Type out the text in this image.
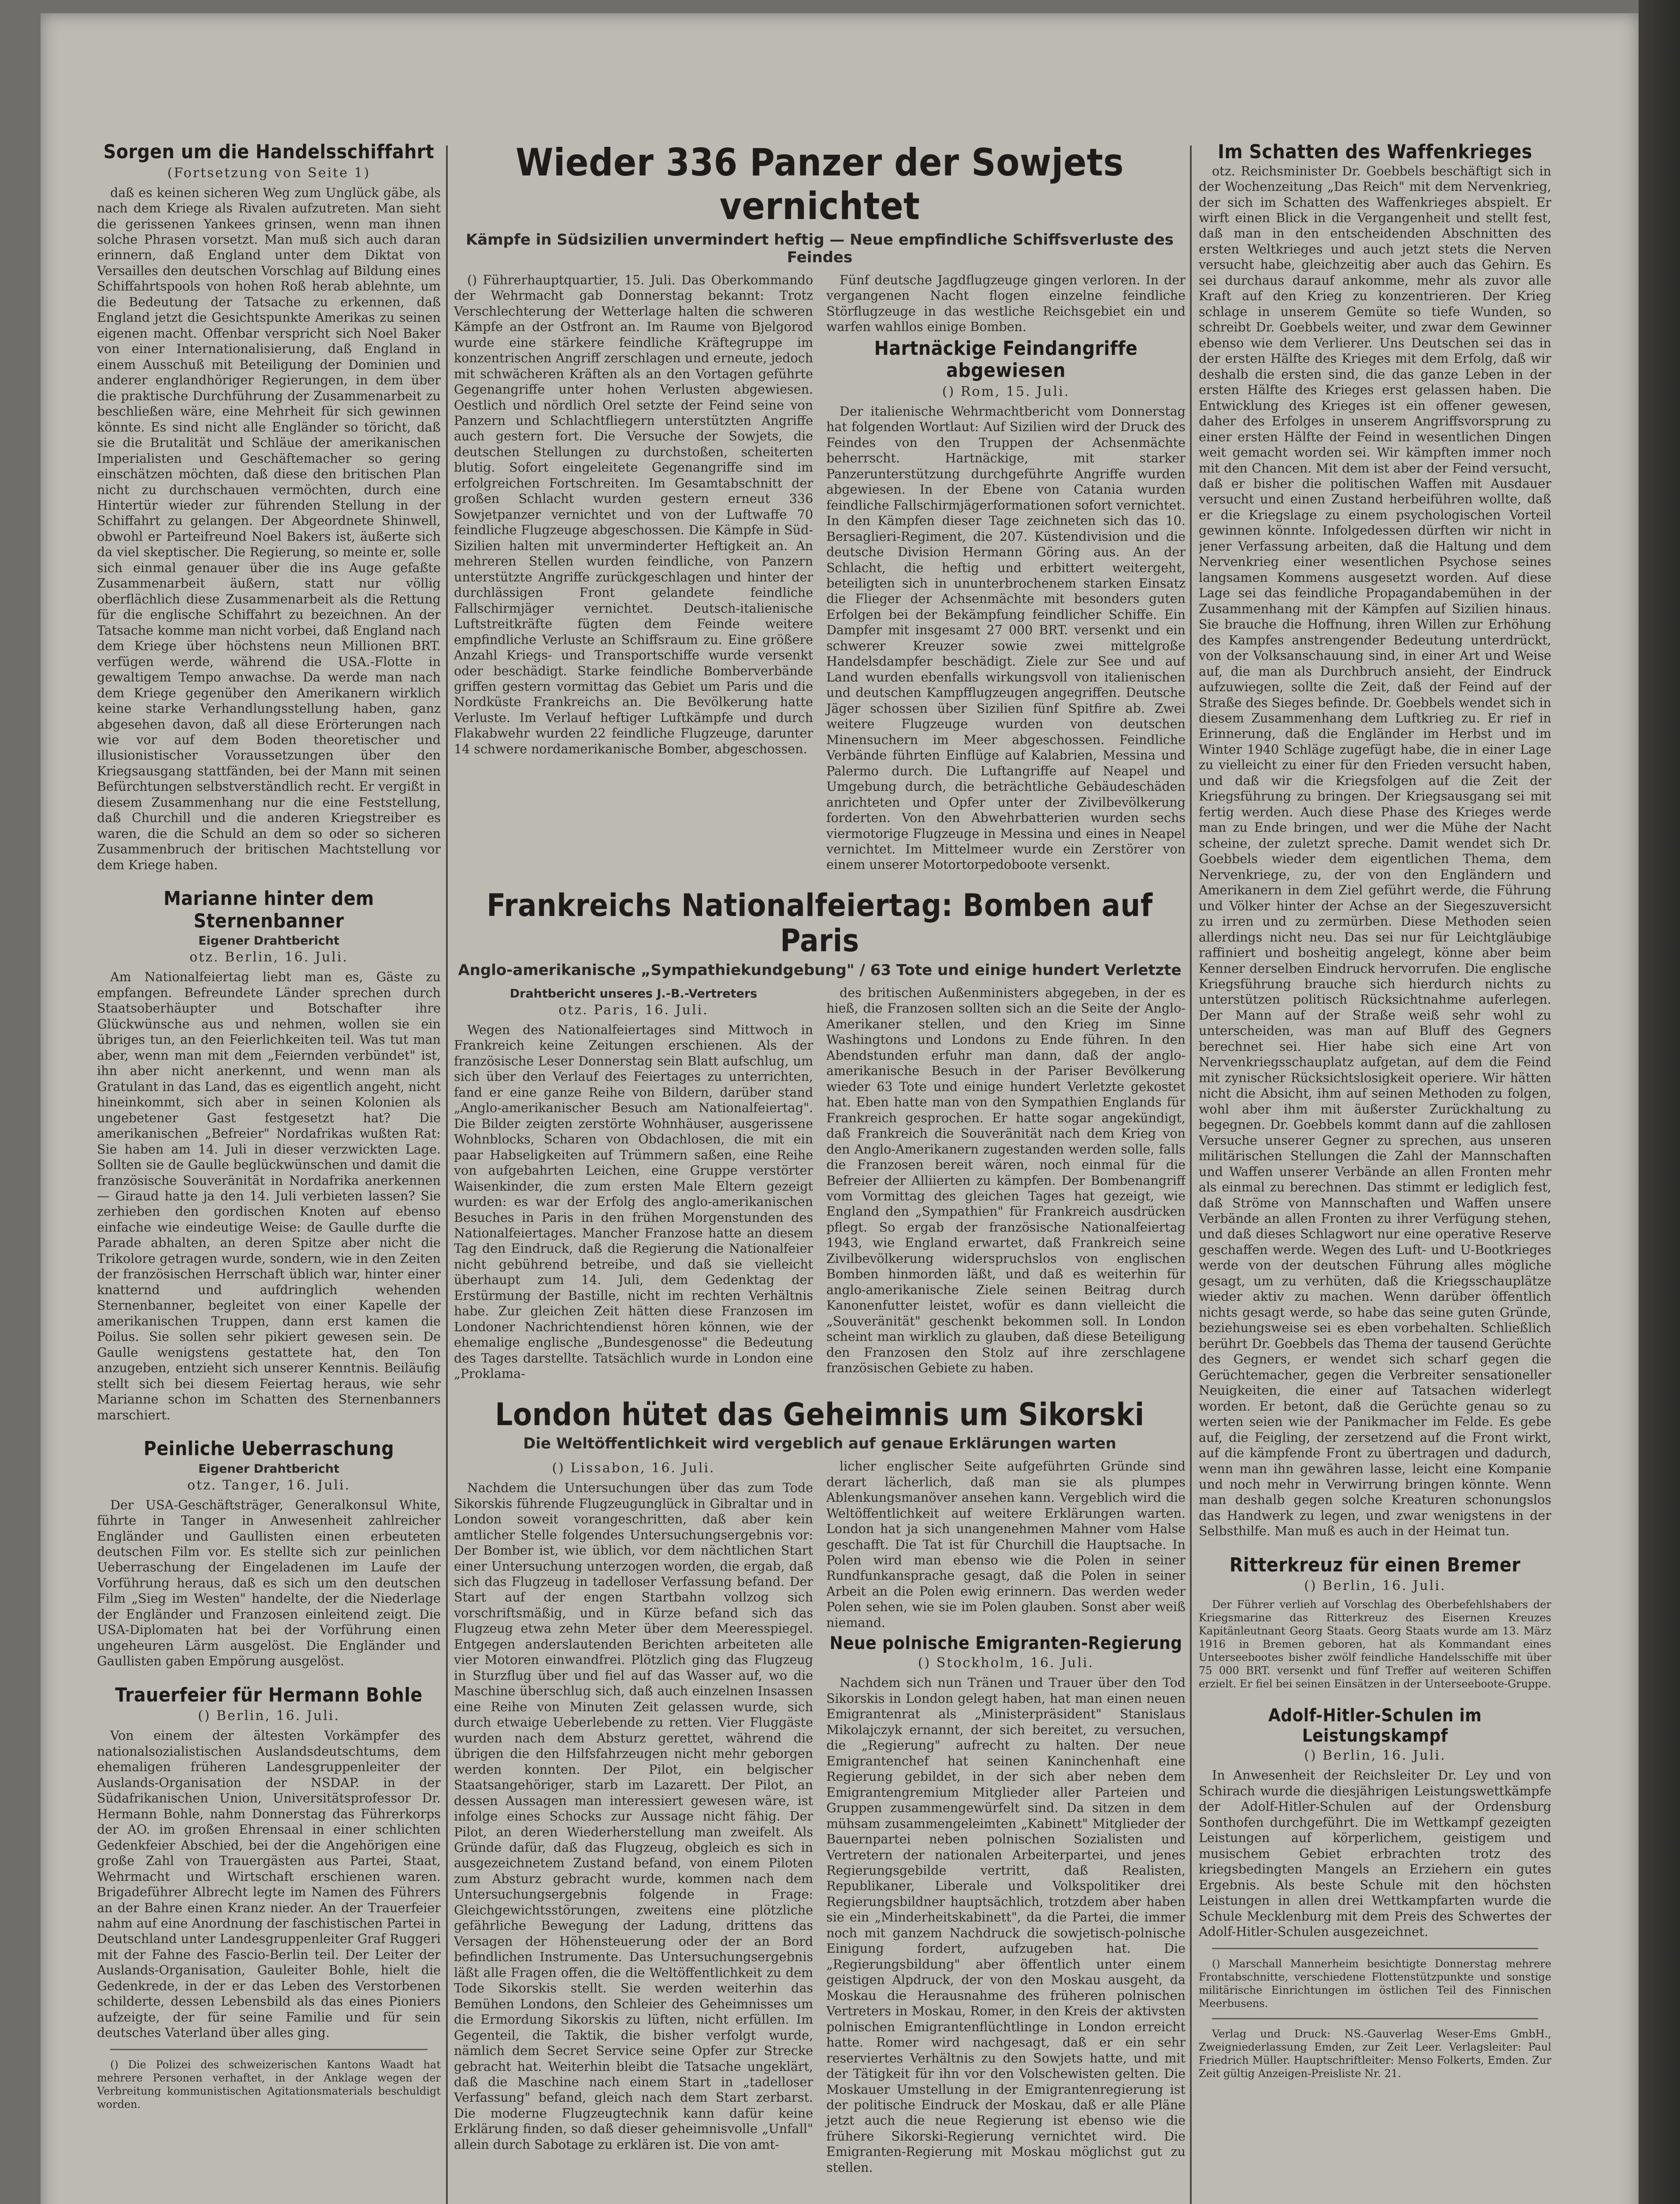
Sorgen um die Handelsschiffahrt
(Fortsetzung von Seite 1)

daß es keinen sicheren Weg zum Unglück gäbe, als nach dem Kriege als Rivalen aufzutreten. Man sieht die gerissenen Yankees grinsen, wenn man ihnen solche Phrasen vorsetzt. Man muß sich auch daran erinnern, daß England unter dem Diktat von Versailles den deutschen Vorschlag auf Bildung eines Schiffahrtspools von hohen Roß herab ablehnte, um die Bedeutung der Tatsache zu erkennen, daß England jetzt die Gesichtspunkte Amerikas zu seinen eigenen macht. Offenbar verspricht sich Noel Baker von einer Internationalisierung, daß England in einem Ausschuß mit Beteiligung der Dominien und anderer englandhöriger Regierungen, in dem über die praktische Durchführung der Zusammenarbeit zu beschließen wäre, eine Mehrheit für sich gewinnen könnte. Es sind nicht alle Engländer so töricht, daß sie die Brutalität und Schläue der amerikanischen Imperialisten und Geschäftemacher so gering einschätzen möchten, daß diese den britischen Plan nicht zu durchschauen vermöchten, durch eine Hintertür wieder zur führenden Stellung in der Schiffahrt zu gelangen. Der Abgeordnete Shinwell, obwohl er Parteifreund Noel Bakers ist, äußerte sich da viel skeptischer. Die Regierung, so meinte er, solle sich einmal genauer über die ins Auge gefaßte Zusammenarbeit äußern, statt nur völlig oberflächlich diese Zusammenarbeit als die Rettung für die englische Schiffahrt zu bezeichnen. An der Tatsache komme man nicht vorbei, daß England nach dem Kriege über höchstens neun Millionen BRT. verfügen werde, während die USA.-Flotte in gewaltigem Tempo anwachse. Da werde man nach dem Kriege gegenüber den Amerikanern wirklich keine starke Verhandlungsstellung haben, ganz abgesehen davon, daß all diese Erörterungen nach wie vor auf dem Boden theoretischer und illusionistischer Voraussetzungen über den Kriegsausgang stattfänden, bei der Mann mit seinen Befürchtungen selbstverständlich recht. Er vergißt in diesem Zusammenhang nur die eine Feststellung, daß Churchill und die anderen Kriegstreiber es waren, die die Schuld an dem so oder so sicheren Zusammenbruch der britischen Machtstellung vor dem Kriege haben.

Marianne hinter dem Sternenbanner
Eigener Drahtbericht
otz. Berlin, 16. Juli.

Am Nationalfeiertag liebt man es, Gäste zu empfangen. Befreundete Länder sprechen durch Staatsoberhäupter und Botschafter ihre Glückwünsche aus und nehmen, wollen sie ein übriges tun, an den Feierlichkeiten teil. Was tut man aber, wenn man mit dem „Feiernden verbündet" ist, ihn aber nicht anerkennt, und wenn man als Gratulant in das Land, das es eigentlich angeht, nicht hineinkommt, sich aber in seinen Kolonien als ungebetener Gast festgesetzt hat? Die amerikanischen „Befreier" Nordafrikas wußten Rat: Sie haben am 14. Juli in dieser verzwickten Lage. Sollten sie de Gaulle beglückwünschen und damit die französische Souveränität in Nordafrika anerkennen — Giraud hatte ja den 14. Juli verbieten lassen? Sie zerhieben den gordischen Knoten auf ebenso einfache wie eindeutige Weise: de Gaulle durfte die Parade abhalten, an deren Spitze aber nicht die Trikolore getragen wurde, sondern, wie in den Zeiten der französischen Herrschaft üblich war, hinter einer knatternd und aufdringlich wehenden Sternenbanner, begleitet von einer Kapelle der amerikanischen Truppen, dann erst kamen die Poilus. Sie sollen sehr pikiert gewesen sein. De Gaulle wenigstens gestattete hat, den Ton anzugeben, entzieht sich unserer Kenntnis. Beiläufig stellt sich bei diesem Feiertag heraus, wie sehr Marianne schon im Schatten des Sternenbanners marschiert.

Peinliche Ueberraschung
Eigener Drahtbericht
otz. Tanger, 16. Juli.

Der USA-Geschäftsträger, Generalkonsul White, führte in Tanger in Anwesenheit zahlreicher Engländer und Gaullisten einen erbeuteten deutschen Film vor. Es stellte sich zur peinlichen Ueberraschung der Eingeladenen im Laufe der Vorführung heraus, daß es sich um den deutschen Film „Sieg im Westen" handelte, der die Niederlage der Engländer und Franzosen einleitend zeigt. Die USA-Diplomaten hat bei der Vorführung einen ungeheuren Lärm ausgelöst. Die Engländer und Gaullisten gaben Empörung ausgelöst.

Trauerfeier für Hermann Bohle
() Berlin, 16. Juli.

Von einem der ältesten Vorkämpfer des nationalsozialistischen Auslandsdeutschtums, dem ehemaligen früheren Landesgruppenleiter der Auslands-Organisation der NSDAP. in der Südafrikanischen Union, Universitätsprofessor Dr. Hermann Bohle, nahm Donnerstag das Führerkorps der AO. im großen Ehrensaal in einer schlichten Gedenkfeier Abschied, bei der die Angehörigen eine große Zahl von Trauergästen aus Partei, Staat, Wehrmacht und Wirtschaft erschienen waren. Brigadeführer Albrecht legte im Namen des Führers an der Bahre einen Kranz nieder. An der Trauerfeier nahm auf eine Anordnung der faschistischen Partei in Deutschland unter Landesgruppenleiter Graf Ruggeri mit der Fahne des Fascio-Berlin teil. Der Leiter der Auslands-Organisation, Gauleiter Bohle, hielt die Gedenkrede, in der er das Leben des Verstorbenen schilderte, dessen Lebensbild als das eines Pioniers aufzeigte, der für seine Familie und für sein deutsches Vaterland über alles ging.

() Die Polizei des schweizerischen Kantons Waadt hat mehrere Personen verhaftet, in der Anklage wegen der Verbreitung kommunistischen Agitationsmaterials beschuldigt worden.

Wieder 336 Panzer der Sowjets vernichtet
Kämpfe in Südsizilien unvermindert heftig — Neue empfindliche Schiffsverluste des Feindes

() Führerhauptquartier, 15. Juli. Das Oberkommando der Wehrmacht gab Donnerstag bekannt: Trotz Verschlechterung der Wetterlage halten die schweren Kämpfe an der Ostfront an. Im Raume von Bjelgorod wurde eine stärkere feindliche Kräftegruppe im konzentrischen Angriff zerschlagen und erneute, jedoch mit schwächeren Kräften als an den Vortagen geführte Gegenangriffe unter hohen Verlusten abgewiesen. Oestlich und nördlich Orel setzte der Feind seine von Panzern und Schlachtfliegern unterstützten Angriffe auch gestern fort. Die Versuche der Sowjets, die deutschen Stellungen zu durchstoßen, scheiterten blutig. Sofort eingeleitete Gegenangriffe sind im erfolgreichen Fortschreiten. Im Gesamtabschnitt der großen Schlacht wurden gestern erneut 336 Sowjetpanzer vernichtet und von der Luftwaffe 70 feindliche Flugzeuge abgeschossen. Die Kämpfe in Süd-Sizilien halten mit unverminderter Heftigkeit an. An mehreren Stellen wurden feindliche, von Panzern unterstützte Angriffe zurückgeschlagen und hinter der durchlässigen Front gelandete feindliche Fallschirmjäger vernichtet. Deutsch-italienische Luftstreitkräfte fügten dem Feinde weitere empfindliche Verluste an Schiffsraum zu. Eine größere Anzahl Kriegs- und Transportschiffe wurde versenkt oder beschädigt. Starke feindliche Bomberverbände griffen gestern vormittag das Gebiet um Paris und die Nordküste Frankreichs an. Die Bevölkerung hatte Verluste. Im Verlauf heftiger Luftkämpfe und durch Flakabwehr wurden 22 feindliche Flugzeuge, darunter 14 schwere nordamerikanische Bomber, abgeschossen.

Fünf deutsche Jagdflugzeuge gingen verloren. In der vergangenen Nacht flogen einzelne feindliche Störflugzeuge in das westliche Reichsgebiet ein und warfen wahllos einige Bomben.

Hartnäckige Feindangriffe abgewiesen
() Rom, 15. Juli.

Der italienische Wehrmachtbericht vom Donnerstag hat folgenden Wortlaut: Auf Sizilien wird der Druck des Feindes von den Truppen der Achsenmächte beherrscht. Hartnäckige, mit starker Panzerunterstützung durchgeführte Angriffe wurden abgewiesen. In der Ebene von Catania wurden feindliche Fallschirmjägerformationen sofort vernichtet. In den Kämpfen dieser Tage zeichneten sich das 10. Bersaglieri-Regiment, die 207. Küstendivision und die deutsche Division Hermann Göring aus. An der Schlacht, die heftig und erbittert weitergeht, beteiligten sich in ununterbrochenem starken Einsatz die Flieger der Achsenmächte mit besonders guten Erfolgen bei der Bekämpfung feindlicher Schiffe. Ein Dampfer mit insgesamt 27 000 BRT. versenkt und ein schwerer Kreuzer sowie zwei mittelgroße Handelsdampfer beschädigt. Ziele zur See und auf Land wurden ebenfalls wirkungsvoll von italienischen und deutschen Kampfflugzeugen angegriffen. Deutsche Jäger schossen über Sizilien fünf Spitfire ab. Zwei weitere Flugzeuge wurden von deutschen Minensuchern im Meer abgeschossen. Feindliche Verbände führten Einflüge auf Kalabrien, Messina und Palermo durch. Die Luftangriffe auf Neapel und Umgebung durch, die beträchtliche Gebäudeschäden anrichteten und Opfer unter der Zivilbevölkerung forderten. Von den Abwehrbatterien wurden sechs viermotorige Flugzeuge in Messina und eines in Neapel vernichtet. Im Mittelmeer wurde ein Zerstörer von einem unserer Motortorpedoboote versenkt.

Frankreichs Nationalfeiertag: Bomben auf Paris
Anglo-amerikanische „Sympathiekundgebung" / 63 Tote und einige hundert Verletzte
Drahtbericht unseres J.-B.-Vertreters
otz. Paris, 16. Juli.

Wegen des Nationalfeiertages sind Mittwoch in Frankreich keine Zeitungen erschienen. Als der französische Leser Donnerstag sein Blatt aufschlug, um sich über den Verlauf des Feiertages zu unterrichten, fand er eine ganze Reihe von Bildern, darüber stand „Anglo-amerikanischer Besuch am Nationalfeiertag". Die Bilder zeigten zerstörte Wohnhäuser, ausgerissene Wohnblocks, Scharen von Obdachlosen, die mit ein paar Habseligkeiten auf Trümmern saßen, eine Reihe von aufgebahrten Leichen, eine Gruppe verstörter Waisenkinder, die zum ersten Male Eltern gezeigt wurden: es war der Erfolg des anglo-amerikanischen Besuches in Paris in den frühen Morgenstunden des Nationalfeiertages. Mancher Franzose hatte an diesem Tag den Eindruck, daß die Regierung die Nationalfeier nicht gebührend betreibe, und daß sie vielleicht überhaupt zum 14. Juli, dem Gedenktag der Erstürmung der Bastille, nicht im rechten Verhältnis habe. Zur gleichen Zeit hätten diese Franzosen im Londoner Nachrichtendienst hören können, wie der ehemalige englische „Bundesgenosse" die Bedeutung des Tages darstellte. Tatsächlich wurde in London eine „Proklama-

des britischen Außenministers abgegeben, in der es hieß, die Franzosen sollten sich an die Seite der Anglo-Amerikaner stellen, und den Krieg im Sinne Washingtons und Londons zu Ende führen. In den Abendstunden erfuhr man dann, daß der anglo-amerikanische Besuch in der Pariser Bevölkerung wieder 63 Tote und einige hundert Verletzte gekostet hat. Eben hatte man von den Sympathien Englands für Frankreich gesprochen. Er hatte sogar angekündigt, daß Frankreich die Souveränität nach dem Krieg von den Anglo-Amerikanern zugestanden werden solle, falls die Franzosen bereit wären, noch einmal für die Befreier der Alliierten zu kämpfen. Der Bombenangriff vom Vormittag des gleichen Tages hat gezeigt, wie England den „Sympathien" für Frankreich ausdrücken pflegt. So ergab der französische Nationalfeiertag 1943, wie England erwartet, daß Frankreich seine Zivilbevölkerung widerspruchslos von englischen Bomben hinmorden läßt, und daß es weiterhin für anglo-amerikanische Ziele seinen Beitrag durch Kanonenfutter leistet, wofür es dann vielleicht die „Souveränität" geschenkt bekommen soll. In London scheint man wirklich zu glauben, daß diese Beteiligung den Franzosen den Stolz auf ihre zerschlagene französischen Gebiete zu haben.

London hütet das Geheimnis um Sikorski
Die Weltöffentlichkeit wird vergeblich auf genaue Erklärungen warten
() Lissabon, 16. Juli.

Nachdem die Untersuchungen über das zum Tode Sikorskis führende Flugzeugunglück in Gibraltar und in London soweit vorangeschritten, daß aber kein amtlicher Stelle folgendes Untersuchungsergebnis vor: Der Bomber ist, wie üblich, vor dem nächtlichen Start einer Untersuchung unterzogen worden, die ergab, daß sich das Flugzeug in tadelloser Verfassung befand. Der Start auf der engen Startbahn vollzog sich vorschriftsmäßig, und in Kürze befand sich das Flugzeug etwa zehn Meter über dem Meeresspiegel. Entgegen anderslautenden Berichten arbeiteten alle vier Motoren einwandfrei. Plötzlich ging das Flugzeug in Sturzflug über und fiel auf das Wasser auf, wo die Maschine überschlug sich, daß auch einzelnen Insassen eine Reihe von Minuten Zeit gelassen wurde, sich durch etwaige Ueberlebende zu retten. Vier Fluggäste wurden nach dem Absturz gerettet, während die übrigen die den Hilfsfahrzeugen nicht mehr geborgen werden konnten. Der Pilot, ein belgischer Staatsangehöriger, starb im Lazarett. Der Pilot, an dessen Aussagen man interessiert gewesen wäre, ist infolge eines Schocks zur Aussage nicht fähig. Der Pilot, an deren Wiederherstellung man zweifelt. Als Gründe dafür, daß das Flugzeug, obgleich es sich in ausgezeichnetem Zustand befand, von einem Piloten zum Absturz gebracht wurde, kommen nach dem Untersuchungsergebnis folgende in Frage: Gleichgewichtsstörungen, zweitens eine plötzliche gefährliche Bewegung der Ladung, drittens das Versagen der Höhensteuerung oder der an Bord befindlichen Instrumente. Das Untersuchungsergebnis läßt alle Fragen offen, die die Weltöffentlichkeit zu dem Tode Sikorskis stellt. Sie werden weiterhin das Bemühen Londons, den Schleier des Geheimnisses um die Ermordung Sikorskis zu lüften, nicht erfüllen. Im Gegenteil, die Taktik, die bisher verfolgt wurde, nämlich dem Secret Service seine Opfer zur Strecke gebracht hat. Weiterhin bleibt die Tatsache ungeklärt, daß die Maschine nach einem Start in „tadelloser Verfassung" befand, gleich nach dem Start zerbarst. Die moderne Flugzeugtechnik kann dafür keine Erklärung finden, so daß dieser geheimnisvolle „Unfall" allein durch Sabotage zu erklären ist. Die von amt-

licher englischer Seite aufgeführten Gründe sind derart lächerlich, daß man sie als plumpes Ablenkungsmanöver ansehen kann. Vergeblich wird die Weltöffentlichkeit auf weitere Erklärungen warten. London hat ja sich unangenehmen Mahner vom Halse geschafft. Die Tat ist für Churchill die Hauptsache. In Polen wird man ebenso wie die Polen in seiner Rundfunkansprache gesagt, daß die Polen in seiner Arbeit an die Polen ewig erinnern. Das werden weder Polen sehen, wie sie im Polen glauben. Sonst aber weiß niemand.

Neue polnische Emigranten-Regierung
() Stockholm, 16. Juli.

Nachdem sich nun Tränen und Trauer über den Tod Sikorskis in London gelegt haben, hat man einen neuen Emigrantenrat als „Ministerpräsident" Stanislaus Mikolajczyk ernannt, der sich bereitet, zu versuchen, die „Regierung" aufrecht zu halten. Der neue Emigrantenchef hat seinen Kaninchenhaft eine Regierung gebildet, in der sich aber neben dem Emigrantengremium Mitglieder aller Parteien und Gruppen zusammengewürfelt sind. Da sitzen in dem mühsam zusammengeleimten „Kabinett" Mitglieder der Bauernpartei neben polnischen Sozialisten und Vertretern der nationalen Arbeiterpartei, und jenes Regierungsgebilde vertritt, daß Realisten, Republikaner, Liberale und Volkspolitiker drei Regierungsbildner hauptsächlich, trotzdem aber haben sie ein „Minderheitskabinett", da die Partei, die immer noch mit ganzem Nachdruck die sowjetisch-polnische Einigung fordert, aufzugeben hat. Die „Regierungsbildung" aber öffentlich unter einem geistigen Alpdruck, der von den Moskau ausgeht, da Moskau die Herausnahme des früheren polnischen Vertreters in Moskau, Romer, in den Kreis der aktivsten polnischen Emigrantenflüchtlinge in London erreicht hatte. Romer wird nachgesagt, daß er ein sehr reserviertes Verhältnis zu den Sowjets hatte, und mit der Tätigkeit für ihn vor den Volschewisten gelten. Die Moskauer Umstellung in der Emigrantenregierung ist der politische Eindruck der Moskau, daß er alle Pläne jetzt auch die neue Regierung ist ebenso wie die frühere Sikorski-Regierung vernichtet wird. Die Emigranten-Regierung mit Moskau möglichst gut zu stellen.

Im Schatten des Waffenkrieges

otz. Reichsminister Dr. Goebbels beschäftigt sich in der Wochenzeitung „Das Reich" mit dem Nervenkrieg, der sich im Schatten des Waffenkrieges abspielt. Er wirft einen Blick in die Vergangenheit und stellt fest, daß man in den entscheidenden Abschnitten des ersten Weltkrieges und auch jetzt stets die Nerven versucht habe, gleichzeitig aber auch das Gehirn. Es sei durchaus darauf ankomme, mehr als zuvor alle Kraft auf den Krieg zu konzentrieren. Der Krieg schlage in unserem Gemüte so tiefe Wunden, so schreibt Dr. Goebbels weiter, und zwar dem Gewinner ebenso wie dem Verlierer. Uns Deutschen sei das in der ersten Hälfte des Krieges mit dem Erfolg, daß wir deshalb die ersten sind, die das ganze Leben in der ersten Hälfte des Krieges erst gelassen haben. Die Entwicklung des Krieges ist ein offener gewesen, daher des Erfolges in unserem Angriffsvorsprung zu einer ersten Hälfte der Feind in wesentlichen Dingen weit gemacht worden sei. Wir kämpften immer noch mit den Chancen. Mit dem ist aber der Feind versucht, daß er bisher die politischen Waffen mit Ausdauer versucht und einen Zustand herbeiführen wollte, daß er die Kriegslage zu einem psychologischen Vorteil gewinnen könnte. Infolgedessen dürften wir nicht in jener Verfassung arbeiten, daß die Haltung und dem Nervenkrieg einer wesentlichen Psychose seines langsamen Kommens ausgesetzt worden. Auf diese Lage sei das feindliche Propagandabemühen in der Zusammenhang mit der Kämpfen auf Sizilien hinaus. Sie brauche die Hoffnung, ihren Willen zur Erhöhung des Kampfes anstrengender Bedeutung unterdrückt, von der Volksanschauung sind, in einer Art und Weise auf, die man als Durchbruch ansieht, der Eindruck aufzuwiegen, sollte die Zeit, daß der Feind auf der Straße des Sieges befinde. Dr. Goebbels wendet sich in diesem Zusammenhang dem Luftkrieg zu. Er rief in Erinnerung, daß die Engländer im Herbst und im Winter 1940 Schläge zugefügt habe, die in einer Lage zu vielleicht zu einer für den Frieden versucht haben, und daß wir die Kriegsfolgen auf die Zeit der Kriegsführung zu bringen. Der Kriegsausgang sei mit fertig werden. Auch diese Phase des Krieges werde man zu Ende bringen, und wer die Mühe der Nacht scheine, der zuletzt spreche. Damit wendet sich Dr. Goebbels wieder dem eigentlichen Thema, dem Nervenkriege, zu, der von den Engländern und Amerikanern in dem Ziel geführt werde, die Führung und Völker hinter der Achse an der Siegeszuversicht zu irren und zu zermürben. Diese Methoden seien allerdings nicht neu. Das sei nur für Leichtgläubige raffiniert und bosheitig angelegt, könne aber beim Kenner derselben Eindruck hervorrufen. Die englische Kriegsführung brauche sich hierdurch nichts zu unterstützen politisch Rücksichtnahme auferlegen. Der Mann auf der Straße weiß sehr wohl zu unterscheiden, was man auf Bluff des Gegners berechnet sei. Hier habe sich eine Art von Nervenkriegsschauplatz aufgetan, auf dem die Feind mit zynischer Rücksichtslosigkeit operiere. Wir hätten nicht die Absicht, ihm auf seinen Methoden zu folgen, wohl aber ihm mit äußerster Zurückhaltung zu begegnen. Dr. Goebbels kommt dann auf die zahllosen Versuche unserer Gegner zu sprechen, aus unseren militärischen Stellungen die Zahl der Mannschaften und Waffen unserer Verbände an allen Fronten mehr als einmal zu berechnen. Das stimmt er lediglich fest, daß Ströme von Mannschaften und Waffen unsere Verbände an allen Fronten zu ihrer Verfügung stehen, und daß dieses Schlagwort nur eine operative Reserve geschaffen werde. Wegen des Luft- und U-Bootkrieges werde von der deutschen Führung alles mögliche gesagt, um zu verhüten, daß die Kriegsschauplätze wieder aktiv zu machen. Wenn darüber öffentlich nichts gesagt werde, so habe das seine guten Gründe, beziehungsweise sei es eben vorbehalten. Schließlich berührt Dr. Goebbels das Thema der tausend Gerüchte des Gegners, er wendet sich scharf gegen die Gerüchtemacher, gegen die Verbreiter sensationeller Neuigkeiten, die einer auf Tatsachen widerlegt worden. Er betont, daß die Gerüchte genau so zu werten seien wie der Panikmacher im Felde. Es gebe auf, die Feigling, der zersetzend auf die Front wirkt, auf die kämpfende Front zu übertragen und dadurch, wenn man ihn gewähren lasse, leicht eine Kompanie und noch mehr in Verwirrung bringen könnte. Wenn man deshalb gegen solche Kreaturen schonungslos das Handwerk zu legen, und zwar wenigstens in der Selbsthilfe. Man muß es auch in der Heimat tun.

Ritterkreuz für einen Bremer
() Berlin, 16. Juli.

Der Führer verlieh auf Vorschlag des Oberbefehlshabers der Kriegsmarine das Ritterkreuz des Eisernen Kreuzes Kapitänleutnant Georg Staats. Georg Staats wurde am 13. März 1916 in Bremen geboren, hat als Kommandant eines Unterseebootes bisher zwölf feindliche Handelsschiffe mit über 75 000 BRT. versenkt und fünf Treffer auf weiteren Schiffen erzielt. Er fiel bei seinen Einsätzen in der Unterseeboote-Gruppe.

Adolf-Hitler-Schulen im Leistungskampf
() Berlin, 16. Juli.

In Anwesenheit der Reichsleiter Dr. Ley und von Schirach wurde die diesjährigen Leistungswettkämpfe der Adolf-Hitler-Schulen auf der Ordensburg Sonthofen durchgeführt. Die im Wettkampf gezeigten Leistungen auf körperlichem, geistigem und musischem Gebiet erbrachten trotz des kriegsbedingten Mangels an Erziehern ein gutes Ergebnis. Als beste Schule mit den höchsten Leistungen in allen drei Wettkampfarten wurde die Schule Mecklenburg mit dem Preis des Schwertes der Adolf-Hitler-Schulen ausgezeichnet.

() Marschall Mannerheim besichtigte Donnerstag mehrere Frontabschnitte, verschiedene Flottenstützpunkte und sonstige militärische Einrichtungen im östlichen Teil des Finnischen Meerbusens.

Verlag und Druck: NS.-Gauverlag Weser-Ems GmbH., Zweigniederlassung Emden, zur Zeit Leer. Verlagsleiter: Paul Friedrich Müller. Hauptschriftleiter: Menso Folkerts, Emden. Zur Zeit gültig Anzeigen-Preisliste Nr. 21.
